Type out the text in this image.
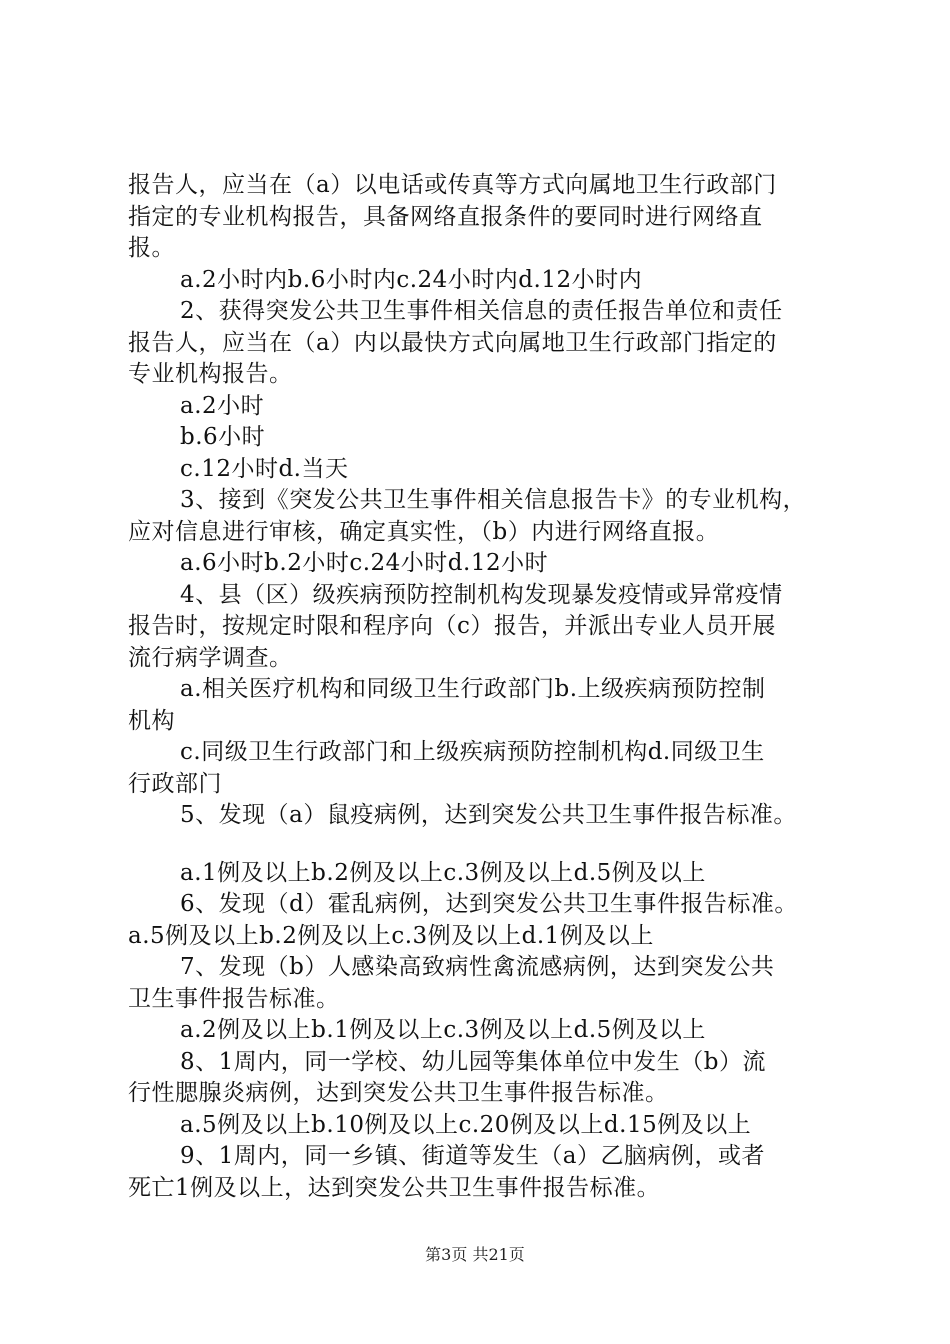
报告人，应当在（a）以电话或传真等方式向属地卫生行政部门
指定的专业机构报告，具备网络直报条件的要同时进行网络直
报。
a.2小时内b.6小时内c.24小时内d.12小时内
2、获得突发公共卫生事件相关信息的责任报告单位和责任
报告人，应当在（a）内以最快方式向属地卫生行政部门指定的
专业机构报告。
a.2小时
b.6小时
c.12小时d.当天
3、接到《突发公共卫生事件相关信息报告卡》的专业机构，
应对信息进行审核，确定真实性，（b）内进行网络直报。
a.6小时b.2小时c.24小时d.12小时
4、县（区）级疾病预防控制机构发现暴发疫情或异常疫情
报告时，按规定时限和程序向（c）报告，并派出专业人员开展
流行病学调查。
a.相关医疗机构和同级卫生行政部门b.上级疾病预防控制
机构
c.同级卫生行政部门和上级疾病预防控制机构d.同级卫生
行政部门
5、发现（a）鼠疫病例，达到突发公共卫生事件报告标准。
a.1例及以上b.2例及以上c.3例及以上d.5例及以上
6、发现（d）霍乱病例，达到突发公共卫生事件报告标准。
a.5例及以上b.2例及以上c.3例及以上d.1例及以上
7、发现（b）人感染高致病性禽流感病例，达到突发公共
卫生事件报告标准。
a.2例及以上b.1例及以上c.3例及以上d.5例及以上
8、1周内，同一学校、幼儿园等集体单位中发生（b）流
行性腮腺炎病例，达到突发公共卫生事件报告标准。
a.5例及以上b.10例及以上c.20例及以上d.15例及以上
9、1周内，同一乡镇、街道等发生（a）乙脑病例，或者
死亡1例及以上，达到突发公共卫生事件报告标准。
第3页 共21页
